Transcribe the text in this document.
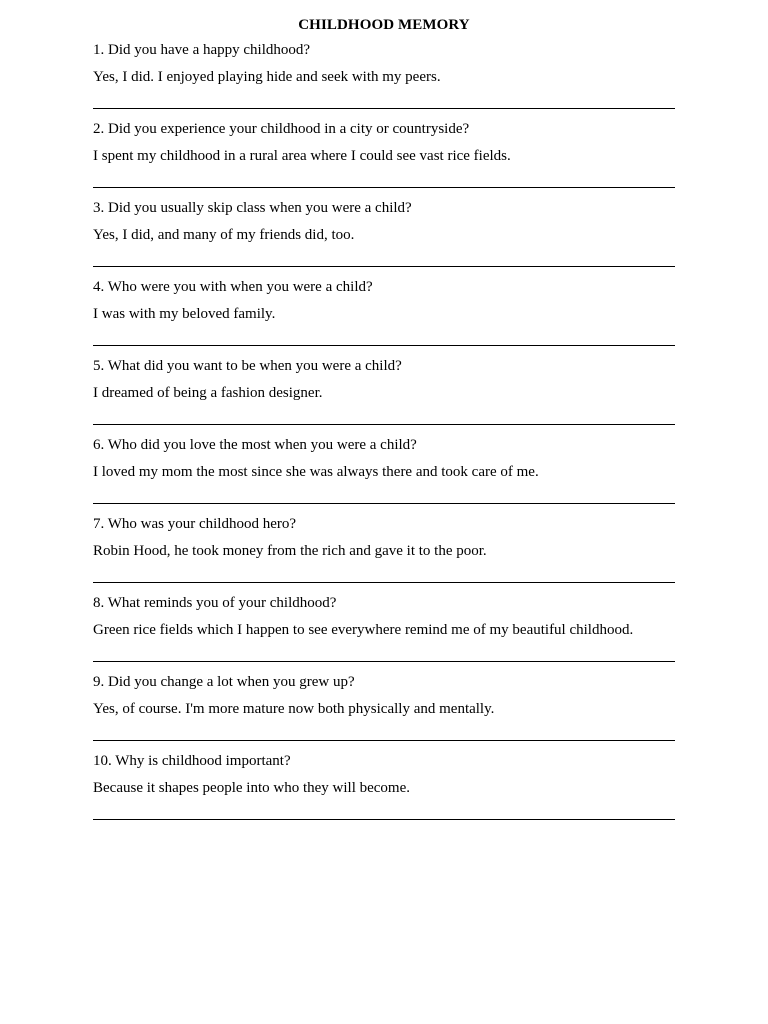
CHILDHOOD MEMORY
1. Did you have a happy childhood?
Yes, I did. I enjoyed playing hide and seek with my peers.
2. Did you experience your childhood in a city or countryside?
I spent my childhood in a rural area where I could see vast rice fields.
3. Did you usually skip class when you were a child?
Yes, I did, and many of my friends did, too.
4. Who were you with when you were a child?
I was with my beloved family.
5. What did you want to be when you were a child?
I dreamed of being a fashion designer.
6. Who did you love the most when you were a child?
I loved my mom the most since she was always there and took care of me.
7. Who was your childhood hero?
Robin Hood, he took money from the rich and gave it to the poor.
8. What reminds you of your childhood?
Green rice fields which I happen to see everywhere remind me of my beautiful childhood.
9. Did you change a lot when you grew up?
Yes, of course. I'm more mature now both physically and mentally.
10. Why is childhood important?
Because it shapes people into who they will become.
